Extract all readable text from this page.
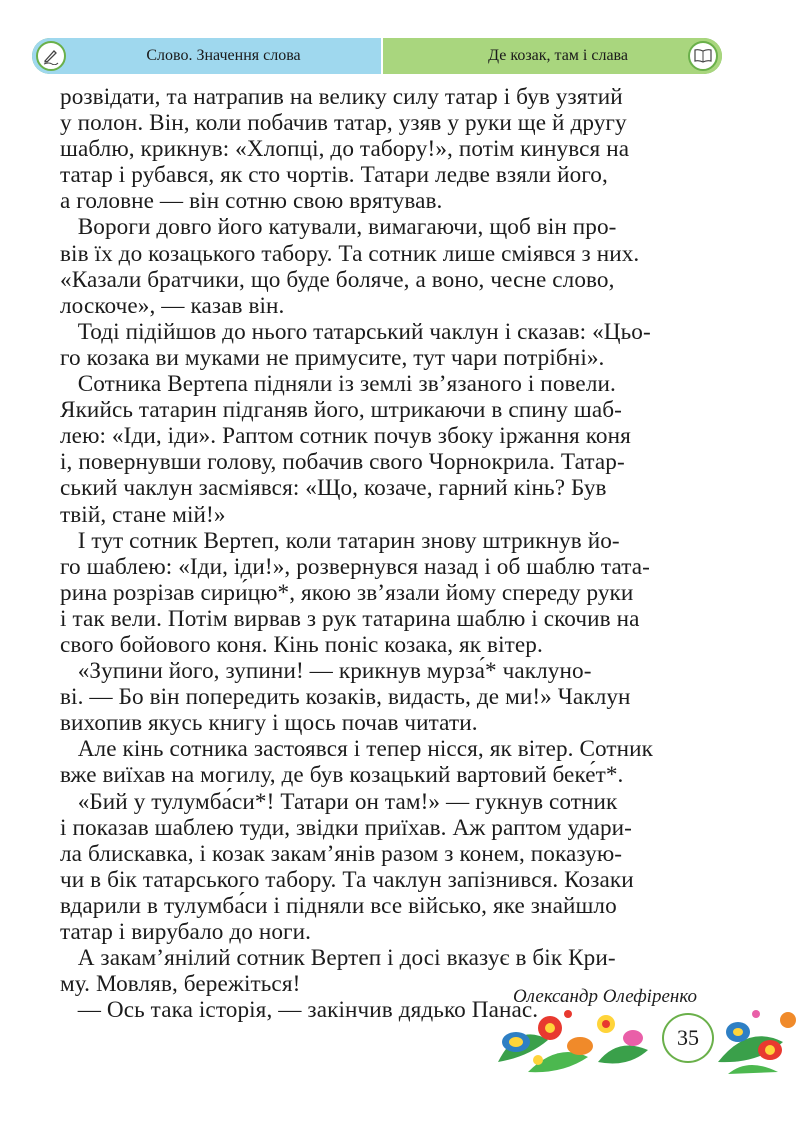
Слово. Значення слова	Де козак, там і слава

розвідати, та натрапив на велику силу татар і був узятий

у полон. Він, коли побачив татар, узяв у руки ще й другу

шаблю, крикнув: «Хлопці, до табору!», потім кинувся на

татар і рубався, як сто чортів. Татари ледве взяли його,

а головне — він сотню свою врятував.

Вороги довго його катували, вимагаючи, щоб він про-

вів їх до козацького табору. Та сотник лише сміявся з них.

«Казали братчики, що буде боляче, а воно, чесне слово,

лоскоче», — казав він.

Тоді підійшов до нього татарський чаклун і сказав: «Цьо-

го козака ви муками не примусите, тут чари потрібні».

Сотника Вертепа підняли із землі зв’язаного і повели.

Якийсь татарин підганяв його, штрикаючи в спину шаб-

лею: «Іди, іди». Раптом сотник почув збоку іржання коня

і, повернувши голову, побачив свого Чорнокрила. Татар-

ський чаклун засміявся: «Що, козаче, гарний кінь? Був

твій, стане мій!»

І тут сотник Вертеп, коли татарин знову штрикнув йо-

го шаблею: «Іди, іди!», розвернувся назад і об шаблю тата-

рина розрізав сири́цю*, якою зв’язали йому спереду руки

і так вели. Потім вирвав з рук татарина шаблю і скочив на

свого бойового коня. Кінь поніс козака, як вітер.

«Зупини його, зупини! — крикнув мурза́* чаклуно-

ві. — Бо він попередить козаків, видасть, де ми!» Чаклун

вихопив якусь книгу і щось почав читати.

Але кінь сотника застоявся і тепер нісся, як вітер. Сотник

вже виїхав на могилу, де був козацький вартовий беке́т*.

«Бий у тулумба́си*! Татари он там!» — гукнув сотник

і показав шаблею туди, звідки приїхав. Аж раптом удари-

ла блискавка, і козак закам’янів разом з конем, показую-

чи в бік татарського табору. Та чаклун запізнився. Козаки

вдарили в тулумба́си і підняли все військо, яке знайшло

татар і вирубало до ноги.

А закам’янілий сотник Вертеп і досі вказує в бік Кри-

му. Мовляв, бережіться!

— Ось така історія, — закінчив дядько Панас.

Олександр Олефіренко
35
